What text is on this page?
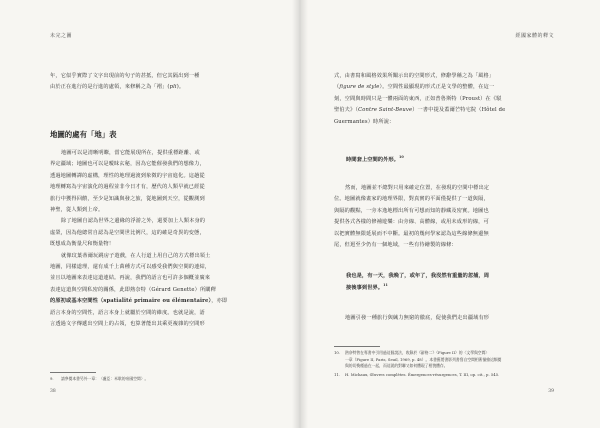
未完之圖

年，它似乎實際了文字出現前的句子的甚抵，但它其隔出到一種

由於正在進行的是行進的處領，來修稱之為「褶」(pli)。

地圖的處有「地」表

地圖可以是清晰明瞭，當它能展現所在，提供重標距離、或

界定疆域；地圖也可以是曖昧玄秘，因為它能催發我們的想像力，

透過地圖轉譯的虛構，理性的地理過渡到象徵的宇宙進化。這趟從

地理轉寫為宇宙演化的過程並非今日才有，歷代的人類早就已經從

旅行中獲得回饋，至少是知識與發之旅，從地圖到天空，從觀測到

神聖，從人類到上帝。

除了地圖自認為世界之邊緣的浮游之外，還要加上人類本身的

虛榮，因為他總常自認為是空間世比例尺，這的確是奇異的变態，

既想成為衡量尺和衡量物！

就像玟葉蒂爾玩跳房子遊戲，在人行道上用自己的方式標出領土

地圖，同樣道理，還有成千上萬種方式可以感受我們與空間的連結，

並且以地圖來表達這道連結。再說，我們的語言也可許多個概並廣來

表達這道與空間私密的關係，此即熱奈特（Gérard Genette）所闡釋

的原初或基本空間性（spatialité primaire ou élémentaire），亦即

語言本身的空間性，語言本身上就屬於空間的維度。也就是說，語

言透過文字傳遞出空間上的占領，也算著能出其乘更複雜的空間形

9. 請參閱本書另外一章：〈盧亞：米歇的帝國空間〉。
38
經國家體的釋文

式，由書寫和風格效果所闡示出的空間形式，修辭學稱之為「風格」

（figure de style）。空間性最顯現的形式正是文學的整體，在這一

刻，空間與時間只是一體兩面的東西，正如普魯斯特（Proust）在《駁

聖伯夫》（Contre Saint-Beuve）一書中提及蓋爾芒特宅院（Hôtel de

Guermantes）時所說：

時間套上空間的外形。$^{10}$

然而，地圖並不總對只用來確定位置，在發現的空間中標出定

位。地圖就像畫家的地理界限，對真實的平面僅提供了一道與隔，

與隔的觀點，一旁本逸地標出所有可想而知的靜藏及密實。地圖也

提供各式各樣的修補遊樂：由旁線、高體線，或用未成形的線，可

以把實體無限延展而不中斷。最初的幾何學家認為這些線條無邊無

尾，但迴至少仍有一個地域，一些有待繪製的線條：

我也是，有一天，我晚了，或年了，我沒然有重量的忽捕，周
接後事到世界。$^{11}$

地圖引發一種旅行與緘力無窮的徹底，促使我們走出疆域有形

10. 熱奈特曾在專書中引用過這個說法，收錄於《辭格二》（Figure II）的〈文學與空間〉
一章（Figure II, Paris, Seuil, 1969, p. 48）。本書舊將書影列書寫自空間相術描繪這類閱
與的切換種過在一起，而這就的對聯又如何體現了相貌體存。
11. H. Michaux, Œuvres complètes. Émergences-résurgences, T. III, op. cit., p. 545.
39
